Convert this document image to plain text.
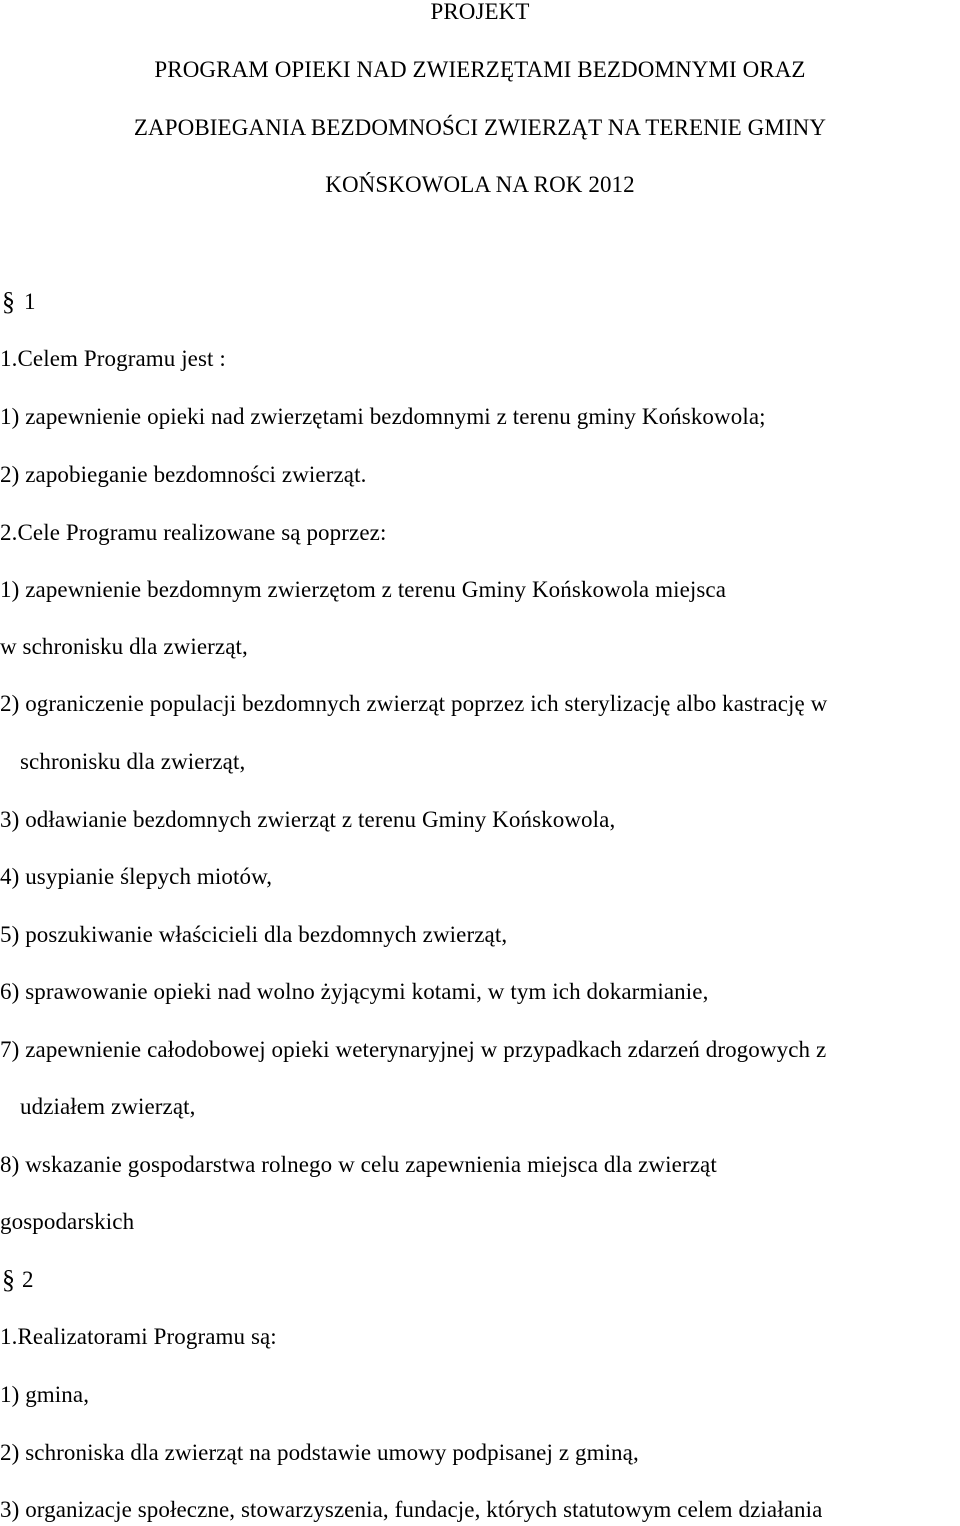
PROJEKT
PROGRAM OPIEKI NAD ZWIERZĘTAMI BEZDOMNYMI ORAZ
ZAPOBIEGANIA BEZDOMNOŚCI ZWIERZĄT NA TERENIE GMINY
KOŃSKOWOLA NA ROK 2012
§ 1
1.Celem Programu jest :
1) zapewnienie opieki nad zwierzętami bezdomnymi z terenu gminy Końskowola;
2) zapobieganie bezdomności zwierząt.
2.Cele Programu realizowane są poprzez:
1) zapewnienie bezdomnym zwierzętom z terenu Gminy Końskowola miejsca
w schronisku dla zwierząt,
2) ograniczenie populacji bezdomnych zwierząt poprzez ich sterylizację albo kastrację w
schronisku dla zwierząt,
3) odławianie bezdomnych zwierząt z terenu Gminy Końskowola,
4) usypianie ślepych miotów,
5) poszukiwanie właścicieli dla bezdomnych zwierząt,
6) sprawowanie opieki nad wolno żyjącymi kotami, w tym ich dokarmianie,
7) zapewnienie całodobowej opieki weterynaryjnej w przypadkach zdarzeń drogowych z
udziałem zwierząt,
8) wskazanie gospodarstwa rolnego w celu zapewnienia miejsca dla zwierząt
gospodarskich
§ 2
1.Realizatorami Programu są:
1) gmina,
2) schroniska dla zwierząt na podstawie umowy podpisanej z gminą,
3) organizacje społeczne, stowarzyszenia, fundacje, których statutowym celem działania
